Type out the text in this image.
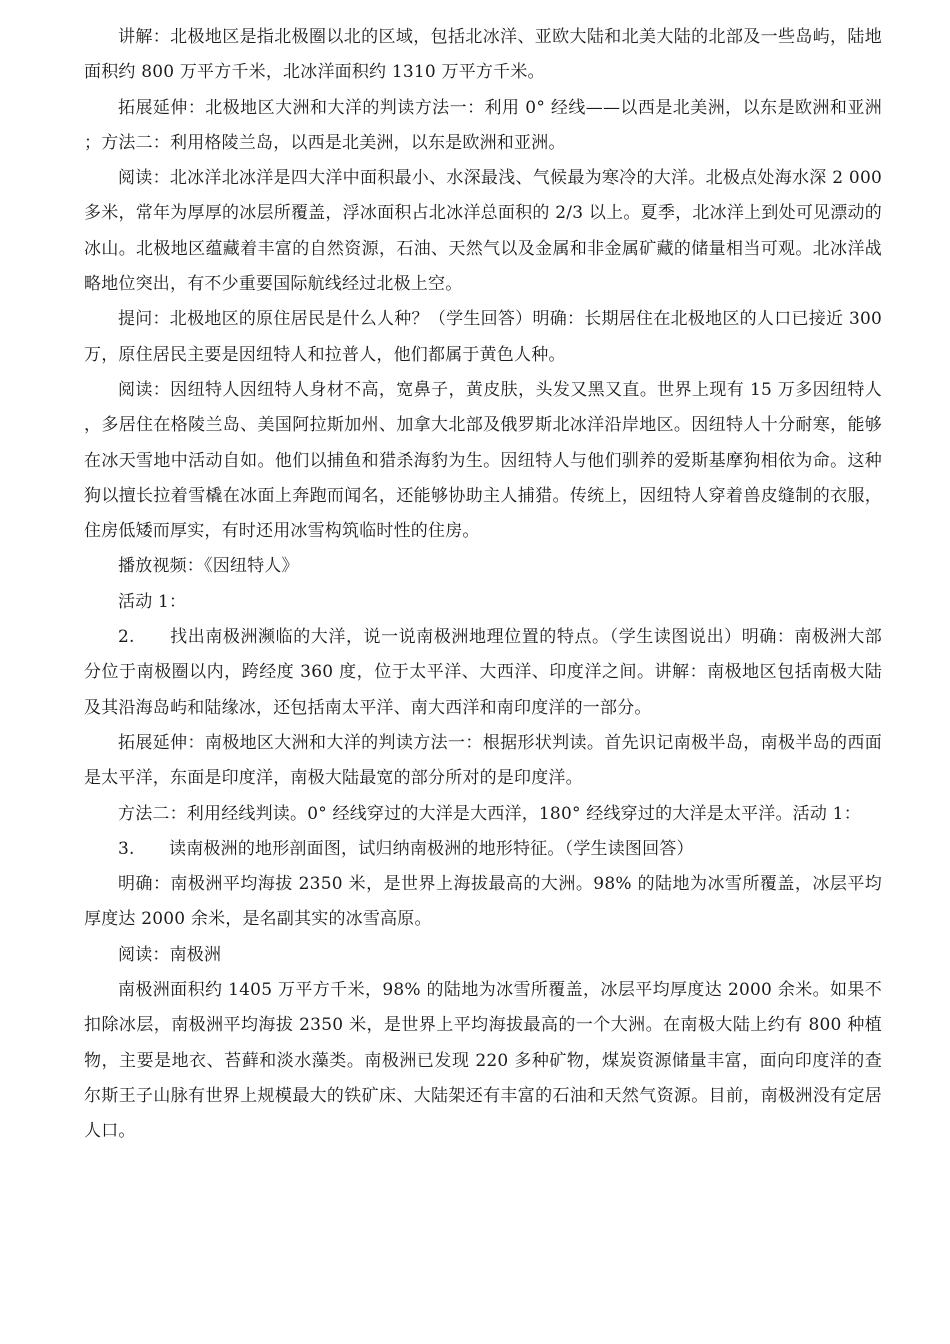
讲解：北极地区是指北极圈以北的区域，包括北冰洋、亚欧大陆和北美大陆的北部及一些岛屿，陆地面积约 800 万平方千米，北冰洋面积约 1310 万平方千米。

拓展延伸：北极地区大洲和大洋的判读方法一：利用 0° 经线——以西是北美洲，以东是欧洲和亚洲；方法二：利用格陵兰岛，以西是北美洲，以东是欧洲和亚洲。

阅读：北冰洋北冰洋是四大洋中面积最小、水深最浅、气候最为寒冷的大洋。北极点处海水深 2 000 多米，常年为厚厚的冰层所覆盖，浮冰面积占北冰洋总面积的 2/3 以上。夏季，北冰洋上到处可见漂动的冰山。北极地区蕴藏着丰富的自然资源，石油、天然气以及金属和非金属矿藏的储量相当可观。北冰洋战略地位突出，有不少重要国际航线经过北极上空。

提问：北极地区的原住居民是什么人种？（学生回答）明确：长期居住在北极地区的人口已接近 300 万，原住居民主要是因纽特人和拉普人，他们都属于黄色人种。

阅读：因纽特人因纽特人身材不高，宽鼻子，黄皮肤，头发又黑又直。世界上现有 15 万多因纽特人，多居住在格陵兰岛、美国阿拉斯加州、加拿大北部及俄罗斯北冰洋沿岸地区。因纽特人十分耐寒，能够在冰天雪地中活动自如。他们以捕鱼和猎杀海豹为生。因纽特人与他们驯养的爱斯基摩狗相依为命。这种狗以擅长拉着雪橇在冰面上奔跑而闻名，还能够协助主人捕猎。传统上，因纽特人穿着兽皮缝制的衣服，住房低矮而厚实，有时还用冰雪构筑临时性的住房。

播放视频：《因纽特人》

活动 1：

2.　　找出南极洲濒临的大洋，说一说南极洲地理位置的特点。（学生读图说出）明确：南极洲大部分位于南极圈以内，跨经度 360 度，位于太平洋、大西洋、印度洋之间。讲解：南极地区包括南极大陆及其沿海岛屿和陆缘冰，还包括南太平洋、南大西洋和南印度洋的一部分。

拓展延伸：南极地区大洲和大洋的判读方法一：根据形状判读。首先识记南极半岛，南极半岛的西面是太平洋，东面是印度洋，南极大陆最宽的部分所对的是印度洋。

方法二：利用经线判读。0° 经线穿过的大洋是大西洋，180° 经线穿过的大洋是太平洋。活动 1：

3.　　读南极洲的地形剖面图，试归纳南极洲的地形特征。（学生读图回答）

明确：南极洲平均海拔 2350 米，是世界上海拔最高的大洲。98% 的陆地为冰雪所覆盖，冰层平均厚度达 2000 余米，是名副其实的冰雪高原。

阅读：南极洲

南极洲面积约 1405 万平方千米，98% 的陆地为冰雪所覆盖，冰层平均厚度达 2000 余米。如果不扣除冰层，南极洲平均海拔 2350 米，是世界上平均海拔最高的一个大洲。在南极大陆上约有 800 种植物，主要是地衣、苔藓和淡水藻类。南极洲已发现 220 多种矿物，煤炭资源储量丰富，面向印度洋的查尔斯王子山脉有世界上规模最大的铁矿床、大陆架还有丰富的石油和天然气资源。目前，南极洲没有定居人口。
